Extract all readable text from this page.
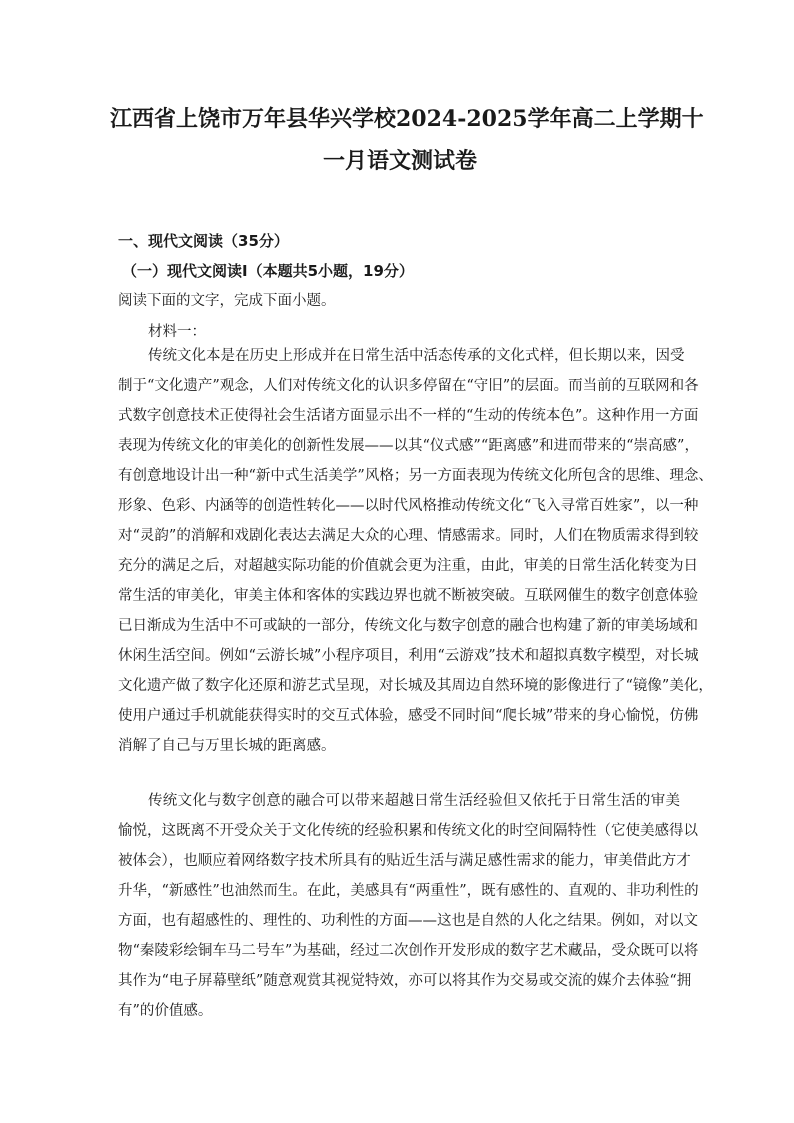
江西省上饶市万年县华兴学校2024-2025学年高二上学期十
一月语文测试卷
一、现代文阅读（35分）
（一）现代文阅读Ⅰ（本题共5小题，19分）
阅读下面的文字，完成下面小题。
材料一：
传统文化本是在历史上形成并在日常生活中活态传承的文化式样，但长期以来，因受
制于“文化遗产”观念，人们对传统文化的认识多停留在“守旧”的层面。而当前的互联网和各
式数字创意技术正使得社会生活诸方面显示出不一样的“生动的传统本色”。这种作用一方面
表现为传统文化的审美化的创新性发展——以其“仪式感”“距离感”和进而带来的“崇高感”，
有创意地设计出一种“新中式生活美学”风格；另一方面表现为传统文化所包含的思维、理念、
形象、色彩、内涵等的创造性转化——以时代风格推动传统文化“飞入寻常百姓家”，以一种
对“灵韵”的消解和戏剧化表达去满足大众的心理、情感需求。同时，人们在物质需求得到较
充分的满足之后，对超越实际功能的价值就会更为注重，由此，审美的日常生活化转变为日
常生活的审美化，审美主体和客体的实践边界也就不断被突破。互联网催生的数字创意体验
已日渐成为生活中不可或缺的一部分，传统文化与数字创意的融合也构建了新的审美场域和
休闲生活空间。例如“云游长城”小程序项目，利用“云游戏”技术和超拟真数字模型，对长城
文化遗产做了数字化还原和游艺式呈现，对长城及其周边自然环境的影像进行了“镜像”美化，
使用户通过手机就能获得实时的交互式体验，感受不同时间“爬长城”带来的身心愉悦，仿佛
消解了自己与万里长城的距离感。
传统文化与数字创意的融合可以带来超越日常生活经验但又依托于日常生活的审美
愉悦，这既离不开受众关于文化传统的经验积累和传统文化的时空间隔特性（它使美感得以
被体会），也顺应着网络数字技术所具有的贴近生活与满足感性需求的能力，审美借此方才
升华，“新感性”也油然而生。在此，美感具有“两重性”，既有感性的、直观的、非功利性的
方面，也有超感性的、理性的、功利性的方面——这也是自然的人化之结果。例如，对以文
物“秦陵彩绘铜车马二号车”为基础，经过二次创作开发形成的数字艺术藏品，受众既可以将
其作为“电子屏幕壁纸”随意观赏其视觉特效，亦可以将其作为交易或交流的媒介去体验“拥
有”的价值感。
